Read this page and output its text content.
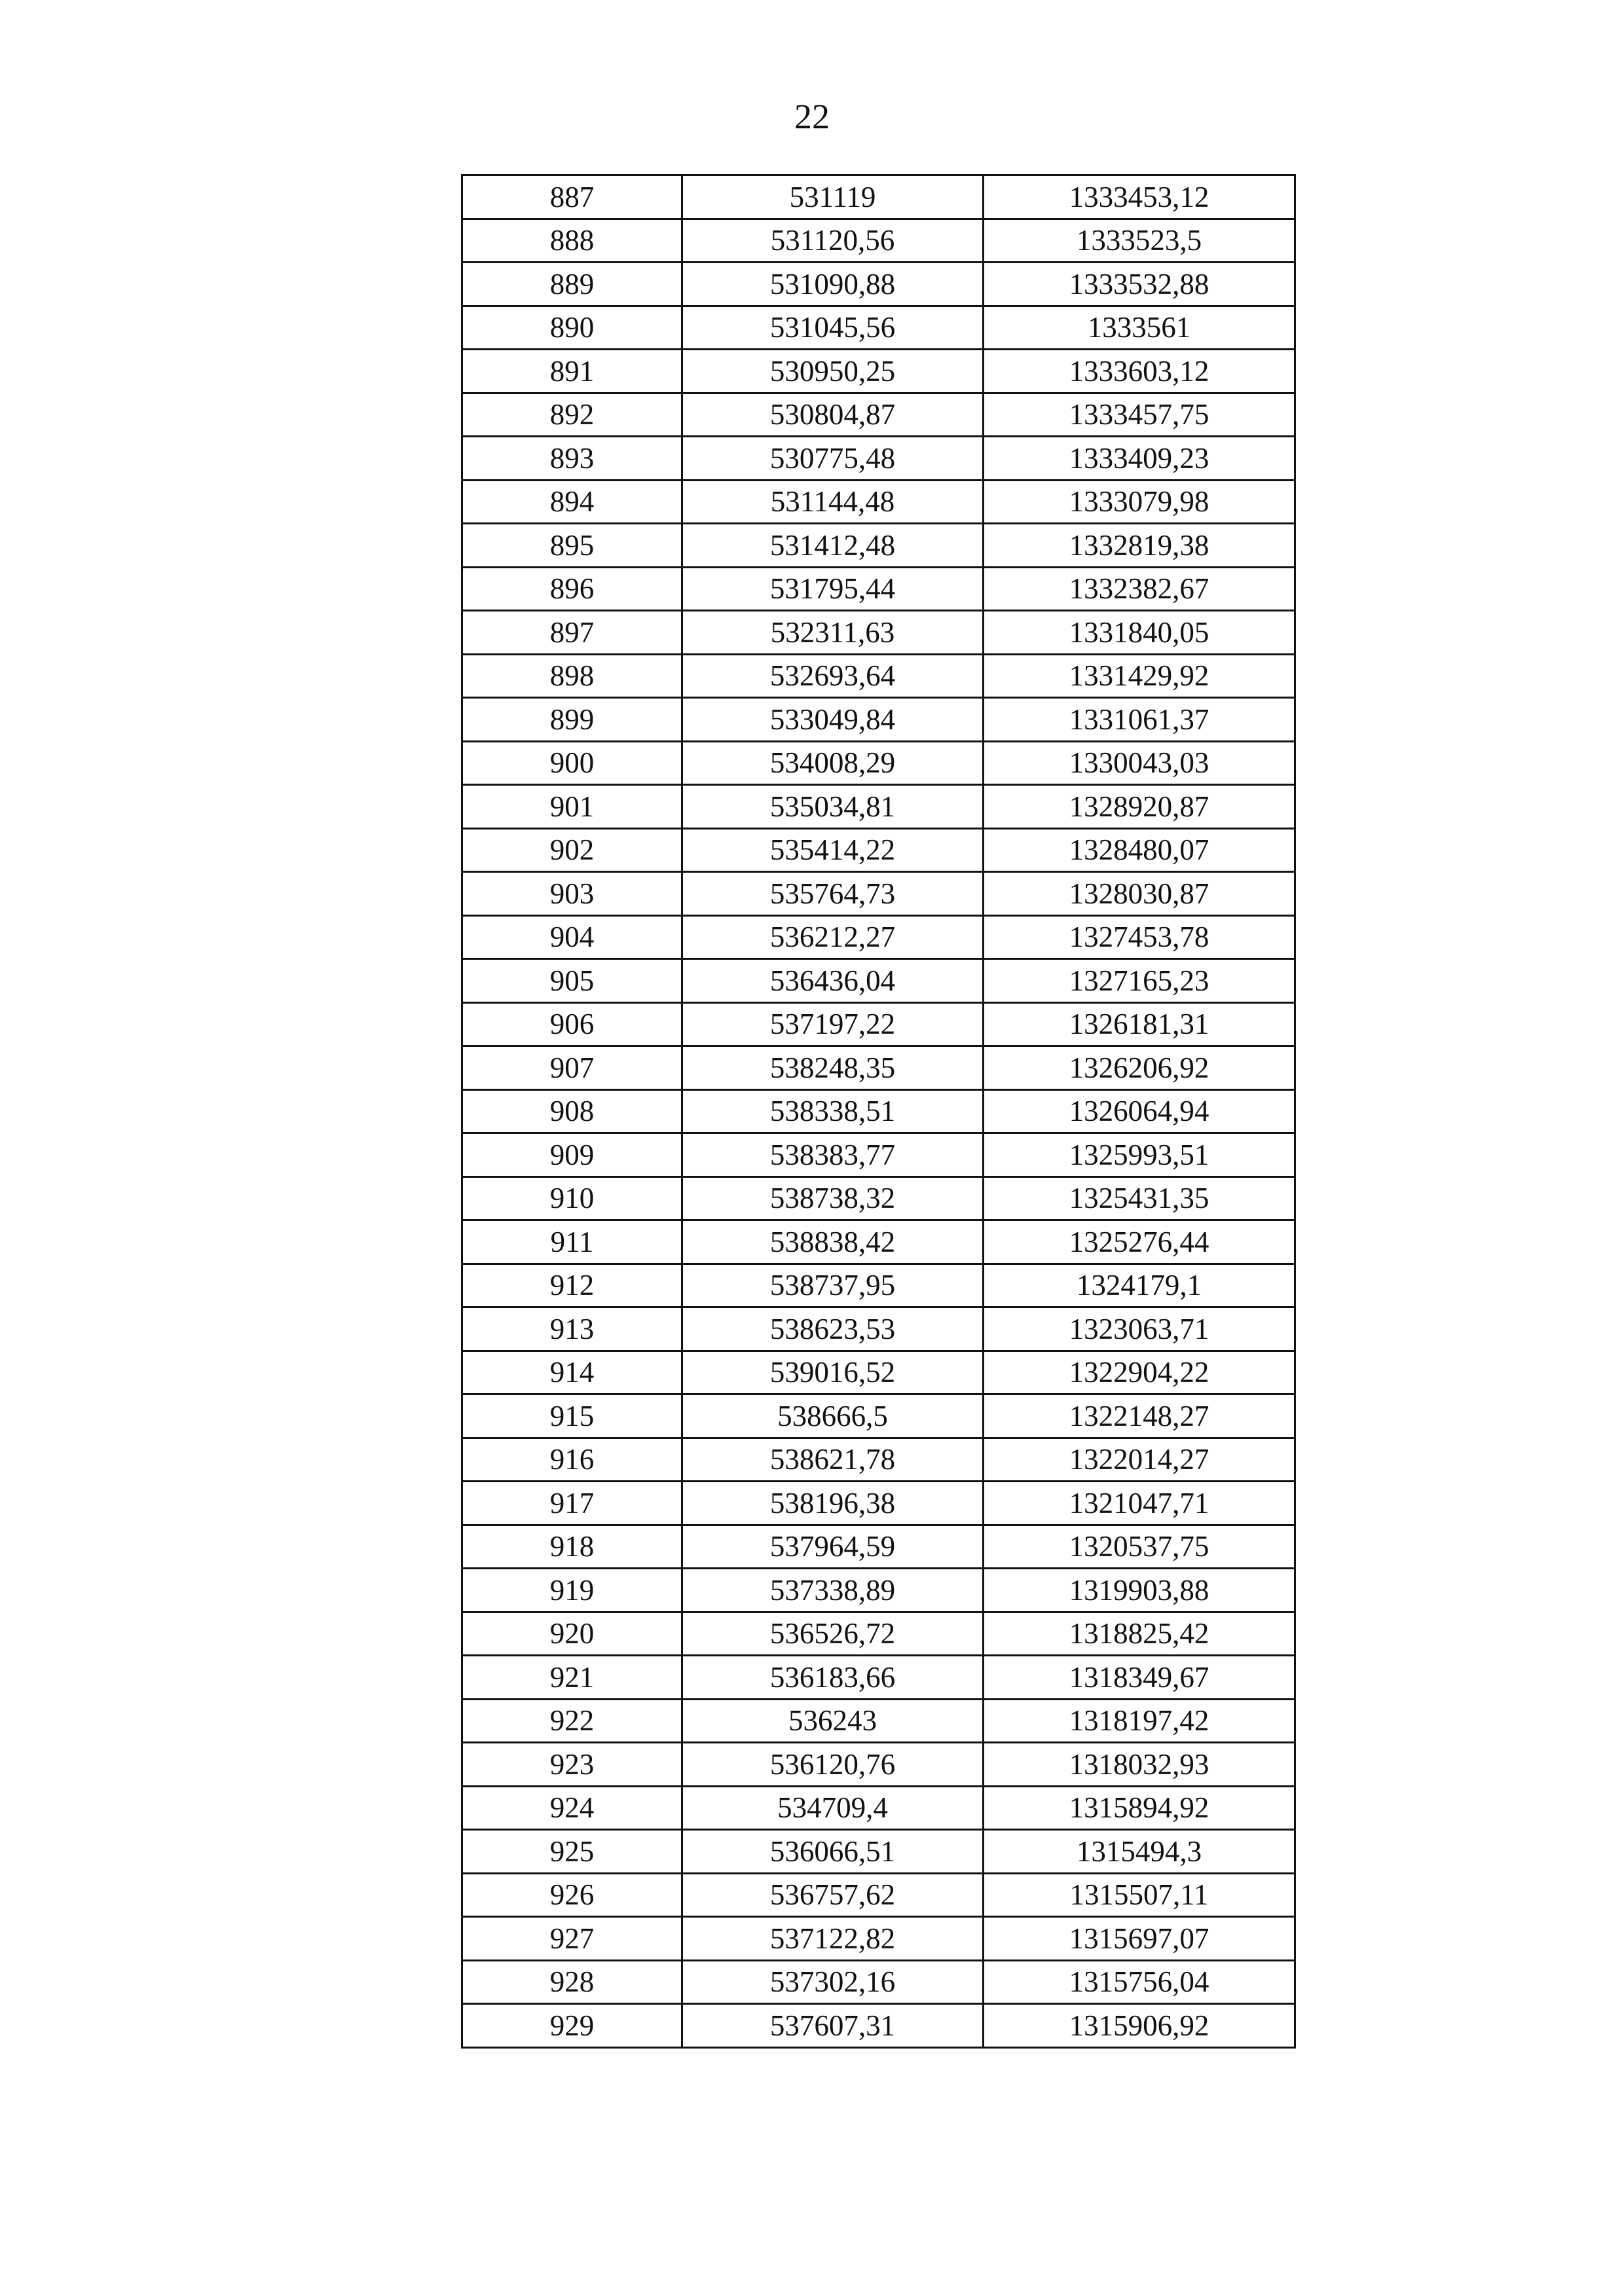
22
887	531119	1333453,12
888	531120,56	1333523,5
889	531090,88	1333532,88
890	531045,56	1333561
891	530950,25	1333603,12
892	530804,87	1333457,75
893	530775,48	1333409,23
894	531144,48	1333079,98
895	531412,48	1332819,38
896	531795,44	1332382,67
897	532311,63	1331840,05
898	532693,64	1331429,92
899	533049,84	1331061,37
900	534008,29	1330043,03
901	535034,81	1328920,87
902	535414,22	1328480,07
903	535764,73	1328030,87
904	536212,27	1327453,78
905	536436,04	1327165,23
906	537197,22	1326181,31
907	538248,35	1326206,92
908	538338,51	1326064,94
909	538383,77	1325993,51
910	538738,32	1325431,35
911	538838,42	1325276,44
912	538737,95	1324179,1
913	538623,53	1323063,71
914	539016,52	1322904,22
915	538666,5	1322148,27
916	538621,78	1322014,27
917	538196,38	1321047,71
918	537964,59	1320537,75
919	537338,89	1319903,88
920	536526,72	1318825,42
921	536183,66	1318349,67
922	536243	1318197,42
923	536120,76	1318032,93
924	534709,4	1315894,92
925	536066,51	1315494,3
926	536757,62	1315507,11
927	537122,82	1315697,07
928	537302,16	1315756,04
929	537607,31	1315906,92
